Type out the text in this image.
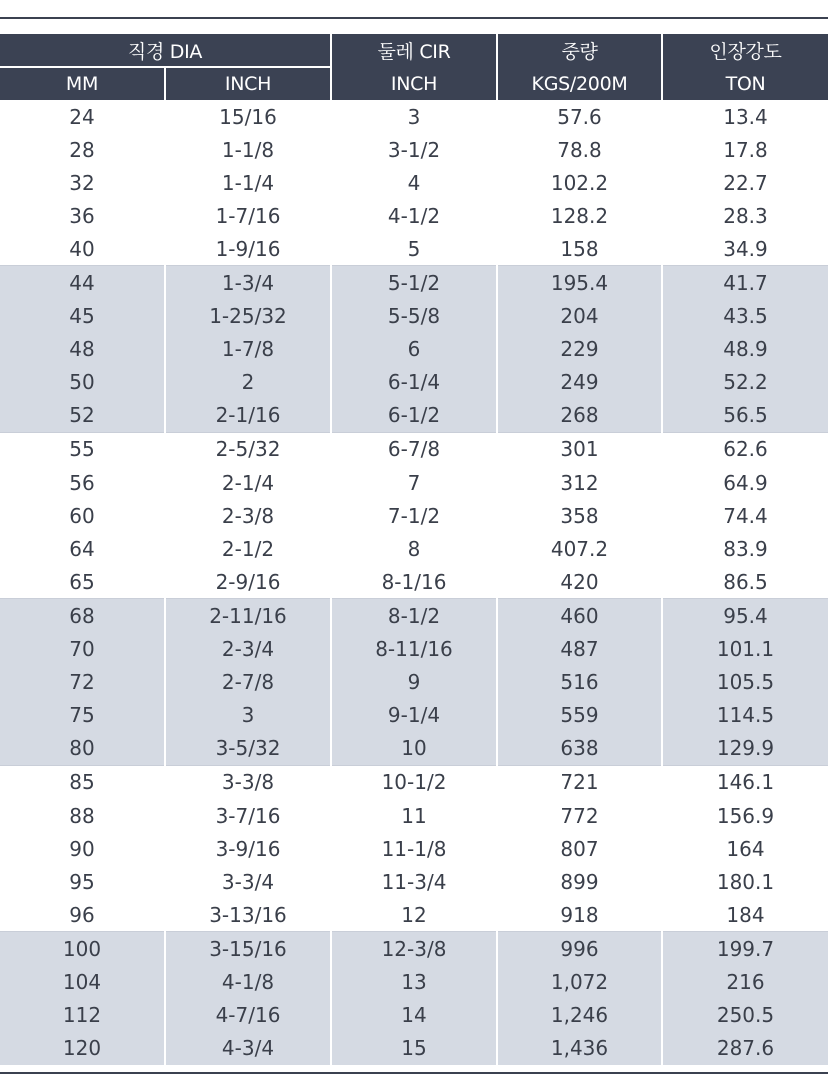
직경 DIA		둘레 CIR	중량	인장강도
MM	INCH	INCH	KGS/200M	TON
24	15/16	3	57.6	13.4
28	1-1/8	3-1/2	78.8	17.8
32	1-1/4	4	102.2	22.7
36	1-7/16	4-1/2	128.2	28.3
40	1-9/16	5	158	34.9
44	1-3/4	5-1/2	195.4	41.7
45	1-25/32	5-5/8	204	43.5
48	1-7/8	6	229	48.9
50	2	6-1/4	249	52.2
52	2-1/16	6-1/2	268	56.5
55	2-5/32	6-7/8	301	62.6
56	2-1/4	7	312	64.9
60	2-3/8	7-1/2	358	74.4
64	2-1/2	8	407.2	83.9
65	2-9/16	8-1/16	420	86.5
68	2-11/16	8-1/2	460	95.4
70	2-3/4	8-11/16	487	101.1
72	2-7/8	9	516	105.5
75	3	9-1/4	559	114.5
80	3-5/32	10	638	129.9
85	3-3/8	10-1/2	721	146.1
88	3-7/16	11	772	156.9
90	3-9/16	11-1/8	807	164
95	3-3/4	11-3/4	899	180.1
96	3-13/16	12	918	184
100	3-15/16	12-3/8	996	199.7
104	4-1/8	13	1,072	216
112	4-7/16	14	1,246	250.5
120	4-3/4	15	1,436	287.6
